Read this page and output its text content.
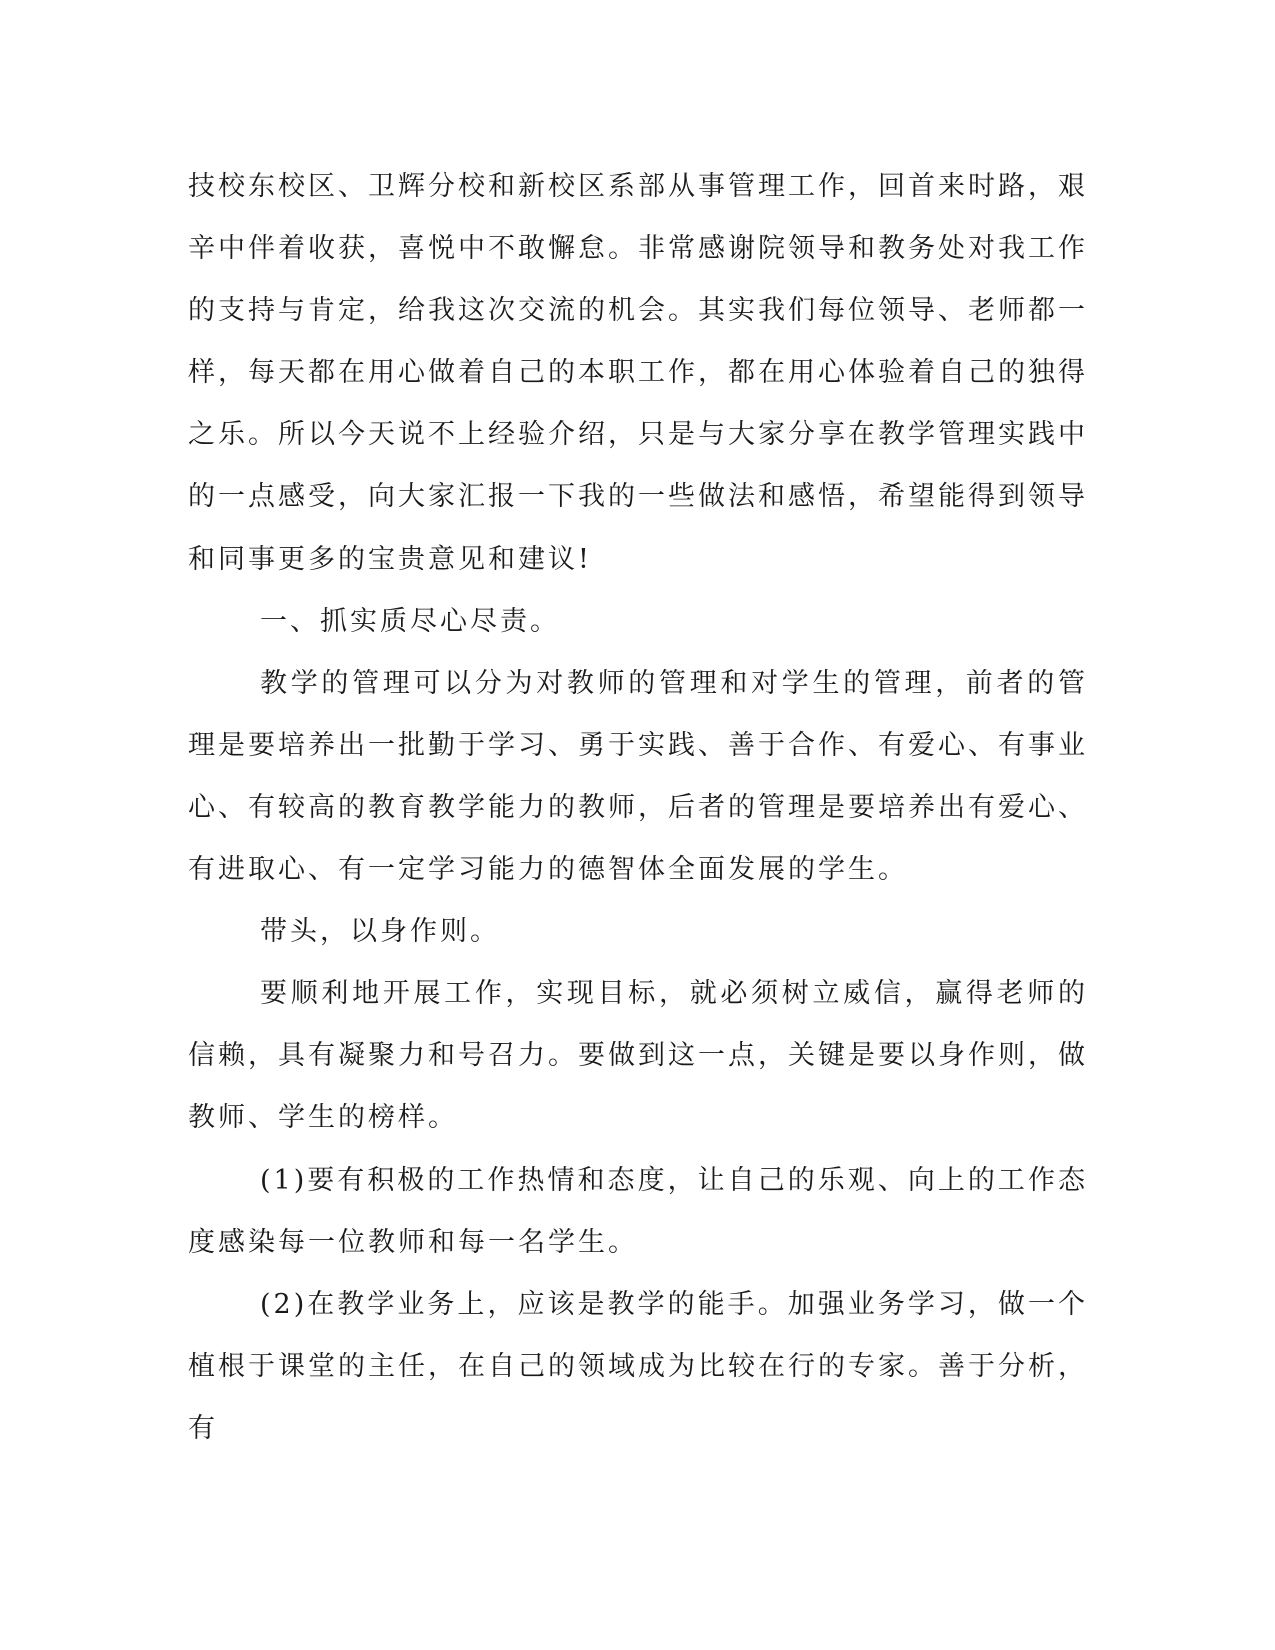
技校东校区、卫辉分校和新校区系部从事管理工作，回首来时路，艰辛中伴着收获，喜悦中不敢懈怠。非常感谢院领导和教务处对我工作的支持与肯定，给我这次交流的机会。其实我们每位领导、老师都一样，每天都在用心做着自己的本职工作，都在用心体验着自己的独得之乐。所以今天说不上经验介绍，只是与大家分享在教学管理实践中的一点感受，向大家汇报一下我的一些做法和感悟，希望能得到领导和同事更多的宝贵意见和建议!

一、抓实质尽心尽责。

教学的管理可以分为对教师的管理和对学生的管理，前者的管理是要培养出一批勤于学习、勇于实践、善于合作、有爱心、有事业心、有较高的教育教学能力的教师，后者的管理是要培养出有爱心、有进取心、有一定学习能力的德智体全面发展的学生。

带头，以身作则。

要顺利地开展工作，实现目标，就必须树立威信，赢得老师的信赖，具有凝聚力和号召力。要做到这一点，关键是要以身作则，做教师、学生的榜样。

(1)要有积极的工作热情和态度，让自己的乐观、向上的工作态度感染每一位教师和每一名学生。

(2)在教学业务上，应该是教学的能手。加强业务学习，做一个植根于课堂的主任，在自己的领域成为比较在行的专家。善于分析，有
